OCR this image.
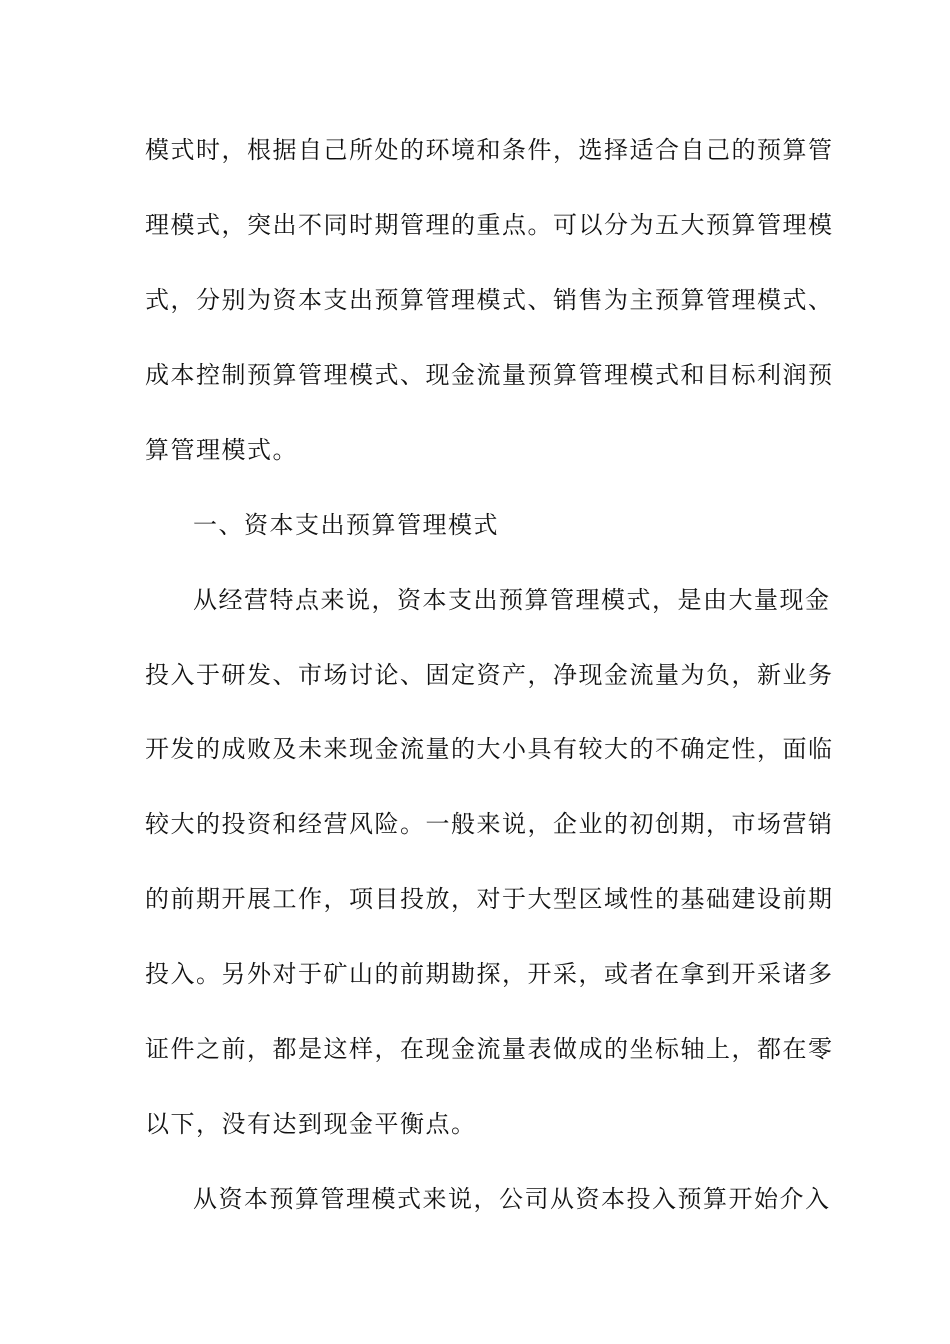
模式时，根据自己所处的环境和条件，选择适合自己的预算管
理模式，突出不同时期管理的重点。可以分为五大预算管理模
式，分别为资本支出预算管理模式、销售为主预算管理模式、
成本控制预算管理模式、现金流量预算管理模式和目标利润预
算管理模式。
一、资本支出预算管理模式
从经营特点来说，资本支出预算管理模式，是由大量现金
投入于研发、市场讨论、固定资产，净现金流量为负，新业务
开发的成败及未来现金流量的大小具有较大的不确定性，面临
较大的投资和经营风险。一般来说，企业的初创期，市场营销
的前期开展工作，项目投放，对于大型区域性的基础建设前期
投入。另外对于矿山的前期勘探，开采，或者在拿到开采诸多
证件之前，都是这样，在现金流量表做成的坐标轴上，都在零
以下，没有达到现金平衡点。
从资本预算管理模式来说，公司从资本投入预算开始介入
